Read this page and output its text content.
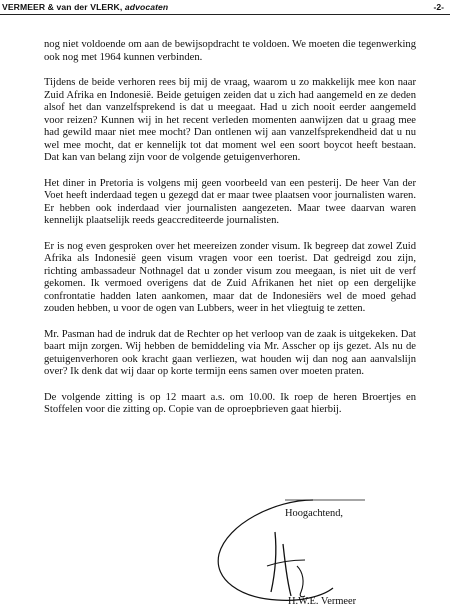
VERMEER & van der VLERK, advocaten	-2-

nog niet voldoende om aan de bewijsopdracht te voldoen. We moeten die tegenwerking ook nog met 1964 kunnen verbinden.

Tijdens de beide verhoren rees bij mij de vraag, waarom u zo makkelijk mee kon naar Zuid Afrika en Indonesië. Beide getuigen zeiden dat u zich had aangemeld en ze deden alsof het dan vanzelfsprekend is dat u meegaat. Had u zich nooit eerder aangemeld voor reizen? Kunnen wij in het recent verleden momenten aanwijzen dat u graag mee had gewild maar niet mee mocht? Dan ontlenen wij aan vanzelfsprekendheid dat u nu wel mee mocht, dat er kennelijk tot dat moment wel een soort boycot heeft bestaan. Dat kan van belang zijn voor de volgende getuigenverhoren.

Het diner in Pretoria is volgens mij geen voorbeeld van een pesterij. De heer Van der Voet heeft inderdaad tegen u gezegd dat er maar twee plaatsen voor journalisten waren. Er hebben ook inderdaad vier journalisten aangezeten. Maar twee daarvan waren kennelijk plaatselijk reeds geaccrediteerde journalisten.

Er is nog even gesproken over het meereizen zonder visum. Ik begreep dat zowel Zuid Afrika als Indonesië geen visum vragen voor een toerist. Dat gedreigd zou zijn, richting ambassadeur Nothnagel dat u zonder visum zou meegaan, is niet uit de verf gekomen. Ik vermoed overigens dat de Zuid Afrikanen het niet op een dergelijke confrontatie hadden laten aankomen, maar dat de Indonesiërs wel de moed gehad zouden hebben, u voor de ogen van Lubbers, weer in het vliegtuig te zetten.

Mr. Pasman had de indruk dat de Rechter op het verloop van de zaak is uitgekeken. Dat baart mijn zorgen. Wij hebben de bemiddeling via Mr. Asscher op ijs gezet. Als nu de getuigenverhoren ook kracht gaan verliezen, wat houden wij dan nog aan aanvalslijn over? Ik denk dat wij daar op korte termijn eens samen over moeten praten.

De volgende zitting is op 12 maart a.s. om 10.00. Ik roep de heren Broertjes en Stoffelen voor die zitting op. Copie van de oproepbrieven gaat hierbij.

Hoogachtend,
H.W.E. Vermeer
